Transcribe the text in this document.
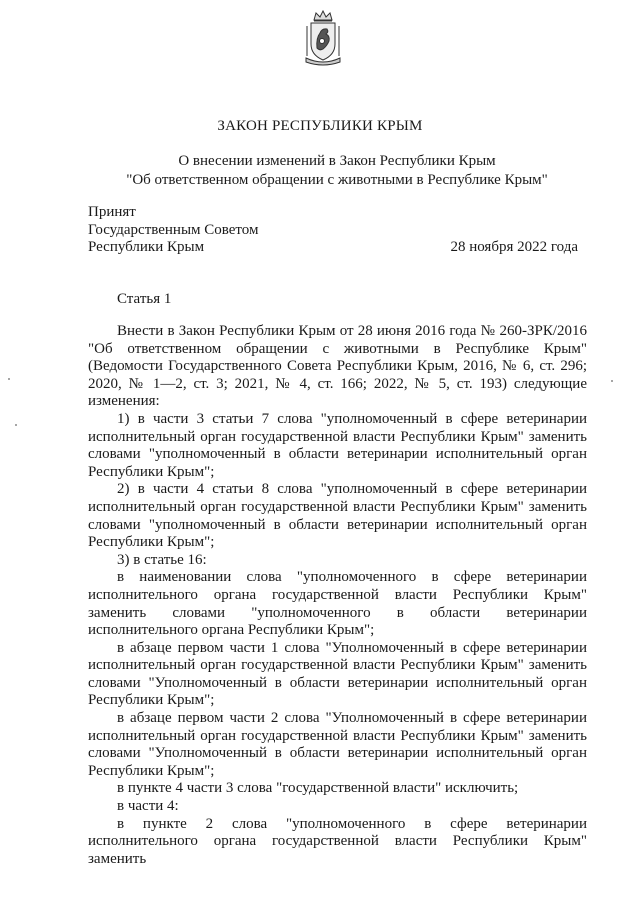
ЗАКОН РЕСПУБЛИКИ КРЫМ
О внесении изменений в Закон Республики Крым
"Об ответственном обращении с животными в Республике Крым"
Принят
Государственным Советом
Республики Крым	28 ноября 2022 года
Статья 1

Внести в Закон Республики Крым от 28 июня 2016 года № 260-ЗРК/2016 "Об ответственном обращении с животными в Республике Крым" (Ведомости Государственного Совета Республики Крым, 2016, № 6, ст. 296; 2020, № 1—2, ст. 3; 2021, № 4, ст. 166; 2022, № 5, ст. 193) следующие изменения:

1) в части 3 статьи 7 слова "уполномоченный в сфере ветеринарии исполнительный орган государственной власти Республики Крым" заменить словами "уполномоченный в области ветеринарии исполнительный орган Республики Крым";

2) в части 4 статьи 8 слова "уполномоченный в сфере ветеринарии исполнительный орган государственной власти Республики Крым" заменить словами "уполномоченный в области ветеринарии исполнительный орган Республики Крым";

3) в статье 16:

в наименовании слова "уполномоченного в сфере ветеринарии исполнительного органа государственной власти Республики Крым" заменить словами "уполномоченного в области ветеринарии исполнительного органа Республики Крым";

в абзаце первом части 1 слова "Уполномоченный в сфере ветеринарии исполнительный орган государственной власти Республики Крым" заменить словами "Уполномоченный в области ветеринарии исполнительный орган Республики Крым";

в абзаце первом части 2 слова "Уполномоченный в сфере ветеринарии исполнительный орган государственной власти Республики Крым" заменить словами "Уполномоченный в области ветеринарии исполнительный орган Республики Крым";

в пункте 4 части 3 слова "государственной власти" исключить;

в части 4:

в пункте 2 слова "уполномоченного в сфере ветеринарии исполнительного органа государственной власти Республики Крым" заменить
